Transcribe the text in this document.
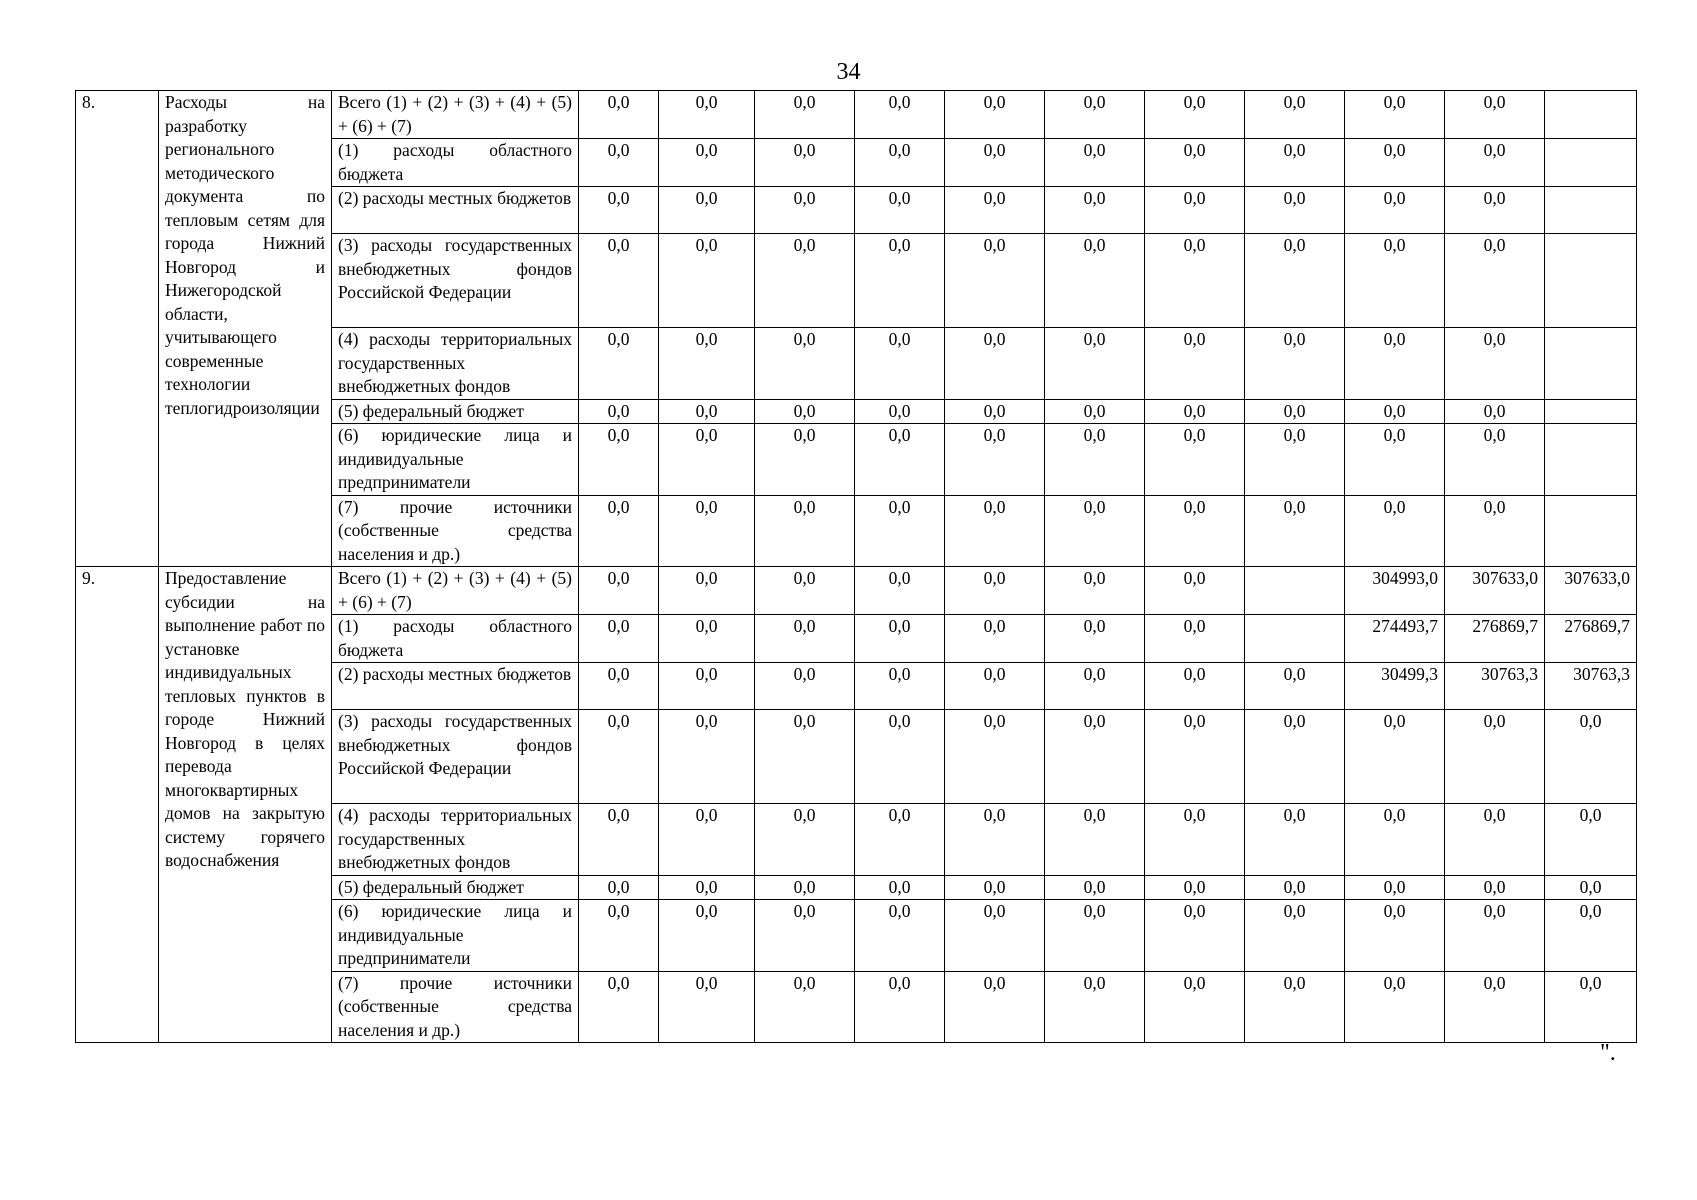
34
8.	Расходы на разработку регионального методического документа по тепловым сетям для города Нижний Новгород и Нижегородской области, учитывающего современные технологии теплогидроизоляции	Всего (1) + (2) + (3) + (4) + (5) + (6) + (7)	0,0	0,0	0,0	0,0	0,0	0,0	0,0	0,0	0,0	0,0	
		(1) расходы областного бюджета	0,0	0,0	0,0	0,0	0,0	0,0	0,0	0,0	0,0	0,0	
		(2) расходы местных бюджетов	0,0	0,0	0,0	0,0	0,0	0,0	0,0	0,0	0,0	0,0	
		(3) расходы государственных внебюджетных фондов Российской Федерации	0,0	0,0	0,0	0,0	0,0	0,0	0,0	0,0	0,0	0,0	
		(4) расходы территориальных государственных внебюджетных фондов	0,0	0,0	0,0	0,0	0,0	0,0	0,0	0,0	0,0	0,0	
		(5) федеральный бюджет	0,0	0,0	0,0	0,0	0,0	0,0	0,0	0,0	0,0	0,0	
		(6) юридические лица и индивидуальные предприниматели	0,0	0,0	0,0	0,0	0,0	0,0	0,0	0,0	0,0	0,0	
		(7) прочие источники (собственные средства населения и др.)	0,0	0,0	0,0	0,0	0,0	0,0	0,0	0,0	0,0	0,0	
9.	Предоставление субсидии на выполнение работ по установке индивидуальных тепловых пунктов в городе Нижний Новгород в целях перевода многоквартирных домов на закрытую систему горячего водоснабжения	Всего (1) + (2) + (3) + (4) + (5) + (6) + (7)	0,0	0,0	0,0	0,0	0,0	0,0	0,0		304993,0	307633,0	307633,0
		(1) расходы областного бюджета	0,0	0,0	0,0	0,0	0,0	0,0	0,0		274493,7	276869,7	276869,7
		(2) расходы местных бюджетов	0,0	0,0	0,0	0,0	0,0	0,0	0,0	0,0	30499,3	30763,3	30763,3
		(3) расходы государственных внебюджетных фондов Российской Федерации	0,0	0,0	0,0	0,0	0,0	0,0	0,0	0,0	0,0	0,0	0,0
		(4) расходы территориальных государственных внебюджетных фондов	0,0	0,0	0,0	0,0	0,0	0,0	0,0	0,0	0,0	0,0	0,0
		(5) федеральный бюджет	0,0	0,0	0,0	0,0	0,0	0,0	0,0	0,0	0,0	0,0	0,0
		(6) юридические лица и индивидуальные предприниматели	0,0	0,0	0,0	0,0	0,0	0,0	0,0	0,0	0,0	0,0	0,0
		(7) прочие источники (собственные средства населения и др.)	0,0	0,0	0,0	0,0	0,0	0,0	0,0	0,0	0,0	0,0	0,0
".
